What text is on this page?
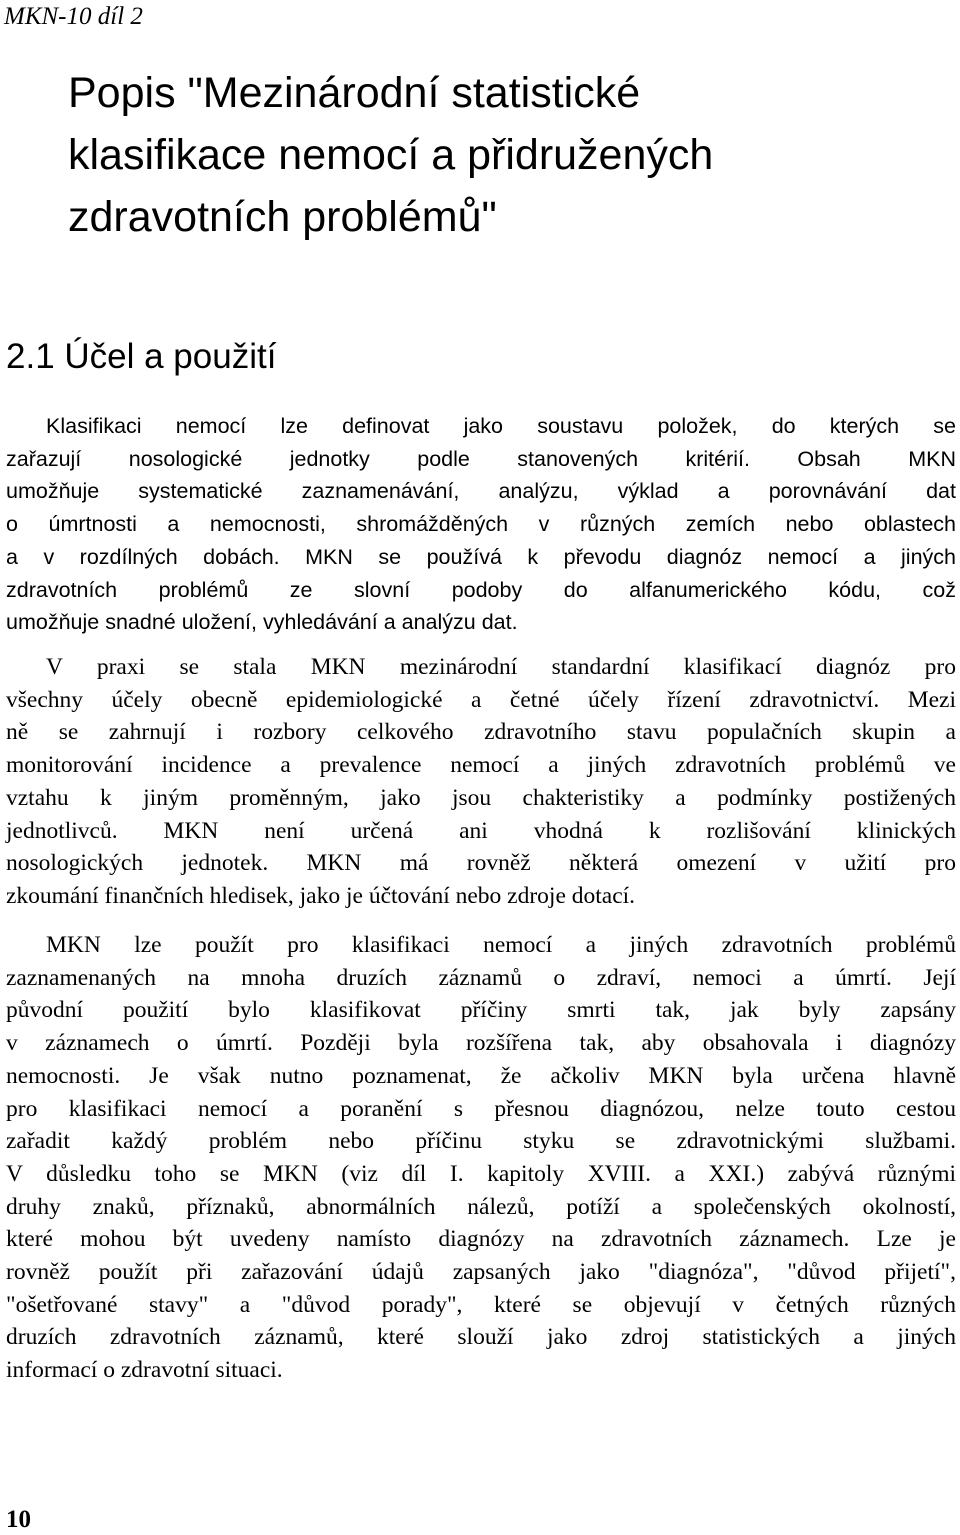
MKN-10 díl 2
Popis "Mezinárodní statistické
klasifikace nemocí a přidružených
zdravotních problémů"
2.1 Účel a použití
Klasifikaci nemocí lze definovat jako soustavu položek, do kterých se
zařazují nosologické jednotky podle stanovených kritérií. Obsah MKN
umožňuje systematické zaznamenávání, analýzu, výklad a porovnávání dat
o úmrtnosti a nemocnosti, shromážděných v různých zemích nebo oblastech
a v rozdílných dobách. MKN se používá k převodu diagnóz nemocí a jiných
zdravotních problémů ze slovní podoby do alfanumerického kódu, což
umožňuje snadné uložení, vyhledávání a analýzu dat.
V praxi se stala MKN mezinárodní standardní klasifikací diagnóz pro
všechny účely obecně epidemiologické a četné účely řízení zdravotnictví. Mezi
ně se zahrnují i rozbory celkového zdravotního stavu populačních skupin a
monitorování incidence a prevalence nemocí a jiných zdravotních problémů ve
vztahu k jiným proměnným, jako jsou chakteristiky a podmínky postižených
jednotlivců. MKN není určená ani vhodná k rozlišování klinických
nosologických jednotek. MKN má rovněž některá omezení v užití pro
zkoumání finančních hledisek, jako je účtování nebo zdroje dotací.
MKN lze použít pro klasifikaci nemocí a jiných zdravotních problémů
zaznamenaných na mnoha druzích záznamů o zdraví, nemoci a úmrtí. Její
původní použití bylo klasifikovat příčiny smrti tak, jak byly zapsány
v záznamech o úmrtí. Později byla rozšířena tak, aby obsahovala i diagnózy
nemocnosti. Je však nutno poznamenat, že ačkoliv MKN byla určena hlavně
pro klasifikaci nemocí a poranění s přesnou diagnózou, nelze touto cestou
zařadit každý problém nebo příčinu styku se zdravotnickými službami.
V důsledku toho se MKN (viz díl I. kapitoly XVIII. a XXI.) zabývá různými
druhy znaků, příznaků, abnormálních nálezů, potíží a společenských okolností,
které mohou být uvedeny namísto diagnózy na zdravotních záznamech. Lze je
rovněž použít při zařazování údajů zapsaných jako "diagnóza", "důvod přijetí",
"ošetřované stavy" a "důvod porady", které se objevují v četných různých
druzích zdravotních záznamů, které slouží jako zdroj statistických a jiných
informací o zdravotní situaci.
10
